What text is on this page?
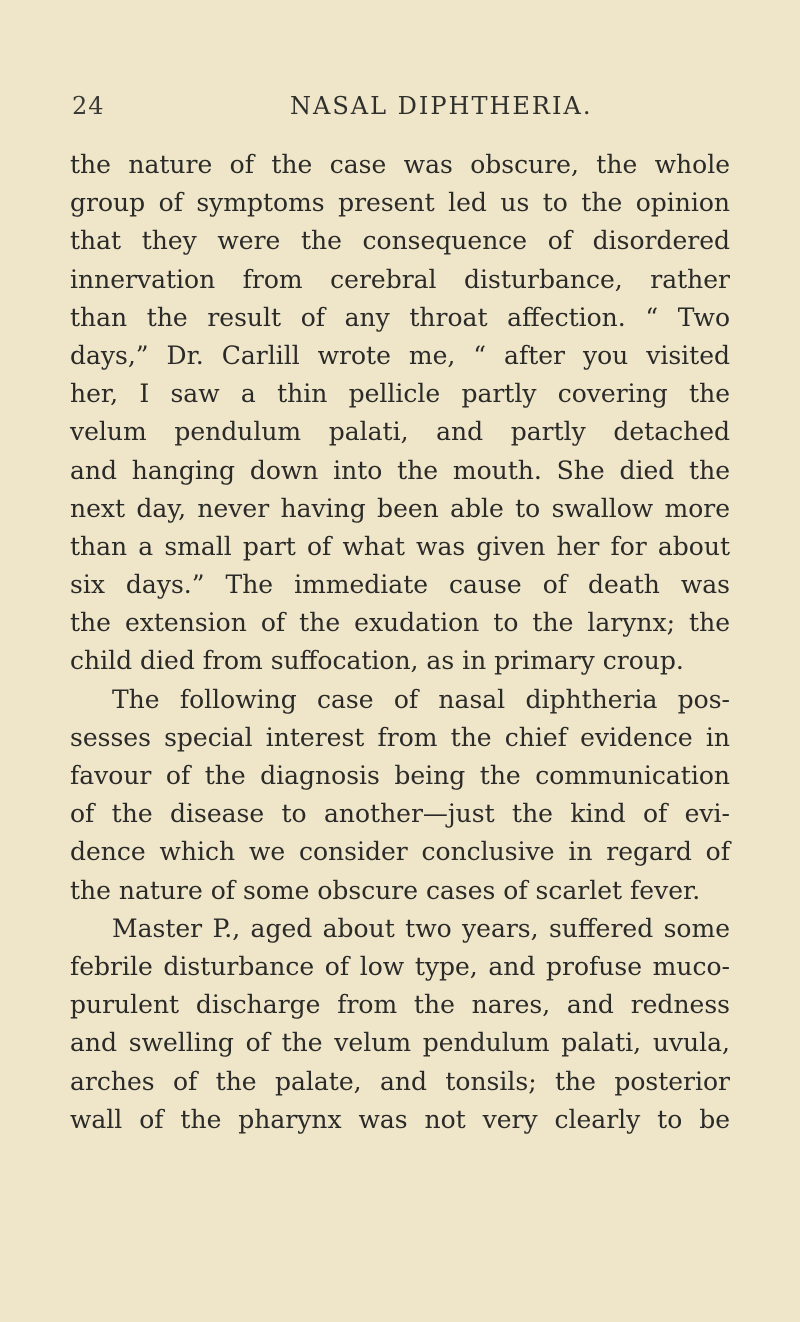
24	NASAL DIPHTHERIA.
the nature of the case was obscure, the whole
group of symptoms present led us to the opinion
that they were the consequence of disordered
innervation from cerebral disturbance, rather
than the result of any throat affection. “ Two
days,” Dr. Carlill wrote me, “ after you visited
her, I saw a thin pellicle partly covering the
velum pendulum palati, and partly detached
and hanging down into the mouth. She died the
next day, never having been able to swallow more
than a small part of what was given her for about
six days.” The immediate cause of death was
the extension of the exudation to the larynx; the
child died from suffocation, as in primary croup.
The following case of nasal diphtheria pos-
sesses special interest from the chief evidence in
favour of the diagnosis being the communication
of the disease to another—just the kind of evi-
dence which we consider conclusive in regard of
the nature of some obscure cases of scarlet fever.
Master P., aged about two years, suffered some
febrile disturbance of low type, and profuse muco-
purulent discharge from the nares, and redness
and swelling of the velum pendulum palati, uvula,
arches of the palate, and tonsils; the posterior
wall of the pharynx was not very clearly to be
